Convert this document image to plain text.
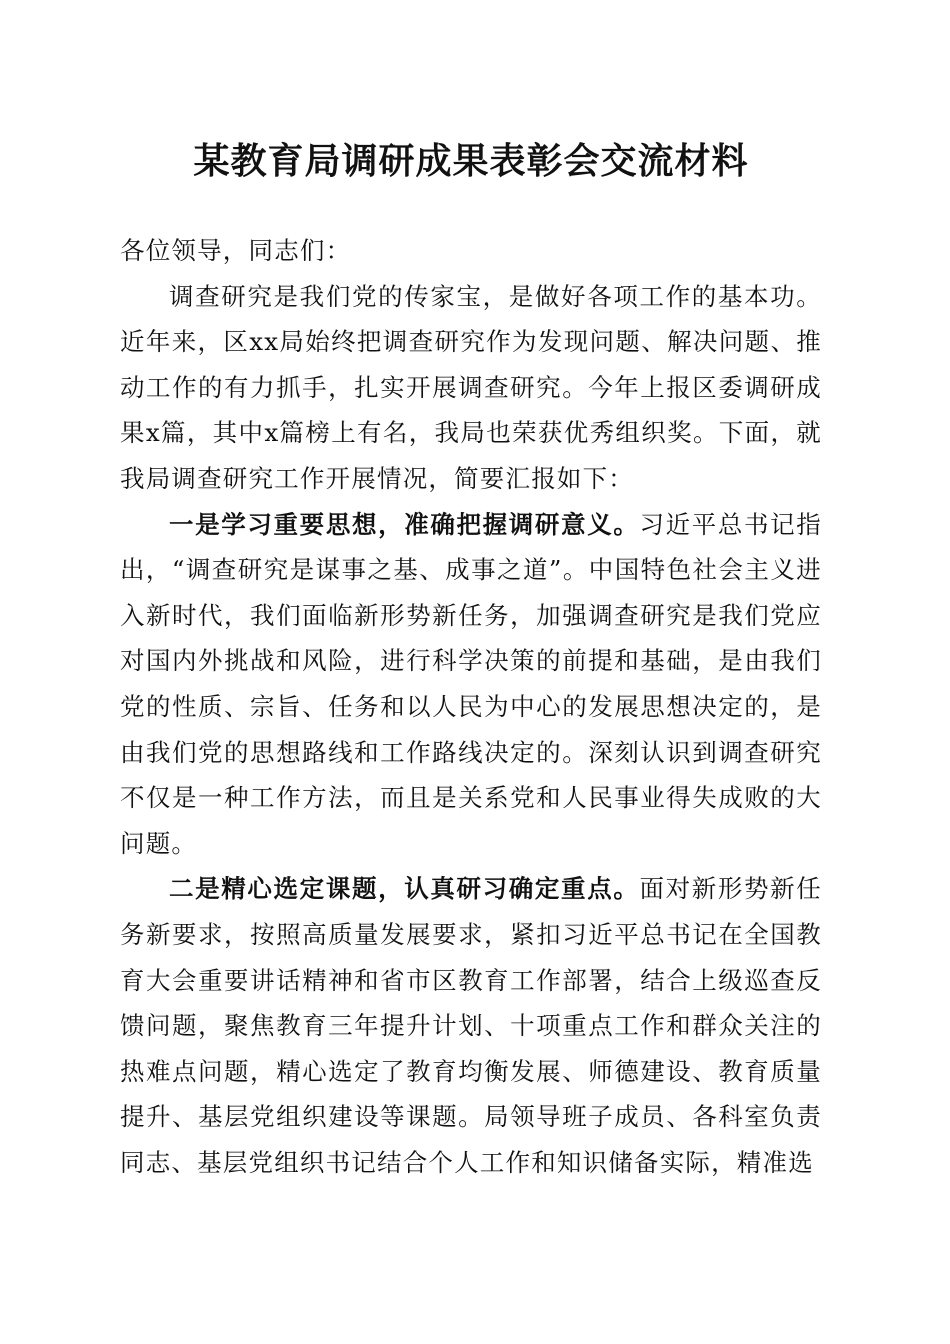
某教育局调研成果表彰会交流材料

各位领导，同志们：

调查研究是我们党的传家宝，是做好各项工作的基本功。近年来，区xx局始终把调查研究作为发现问题、解决问题、推动工作的有力抓手，扎实开展调查研究。今年上报区委调研成果x篇，其中x篇榜上有名，我局也荣获优秀组织奖。下面，就我局调查研究工作开展情况，简要汇报如下：

一是学习重要思想，准确把握调研意义。习近平总书记指出，“调查研究是谋事之基、成事之道”。中国特色社会主义进入新时代，我们面临新形势新任务，加强调查研究是我们党应对国内外挑战和风险，进行科学决策的前提和基础，是由我们党的性质、宗旨、任务和以人民为中心的发展思想决定的，是由我们党的思想路线和工作路线决定的。深刻认识到调查研究不仅是一种工作方法，而且是关系党和人民事业得失成败的大问题。

二是精心选定课题，认真研习确定重点。面对新形势新任务新要求，按照高质量发展要求，紧扣习近平总书记在全国教育大会重要讲话精神和省市区教育工作部署，结合上级巡查反馈问题，聚焦教育三年提升计划、十项重点工作和群众关注的热难点问题，精心选定了教育均衡发展、师德建设、教育质量提升、基层党组织建设等课题。局领导班子成员、各科室负责同志、基层党组织书记结合个人工作和知识储备实际，精准选
